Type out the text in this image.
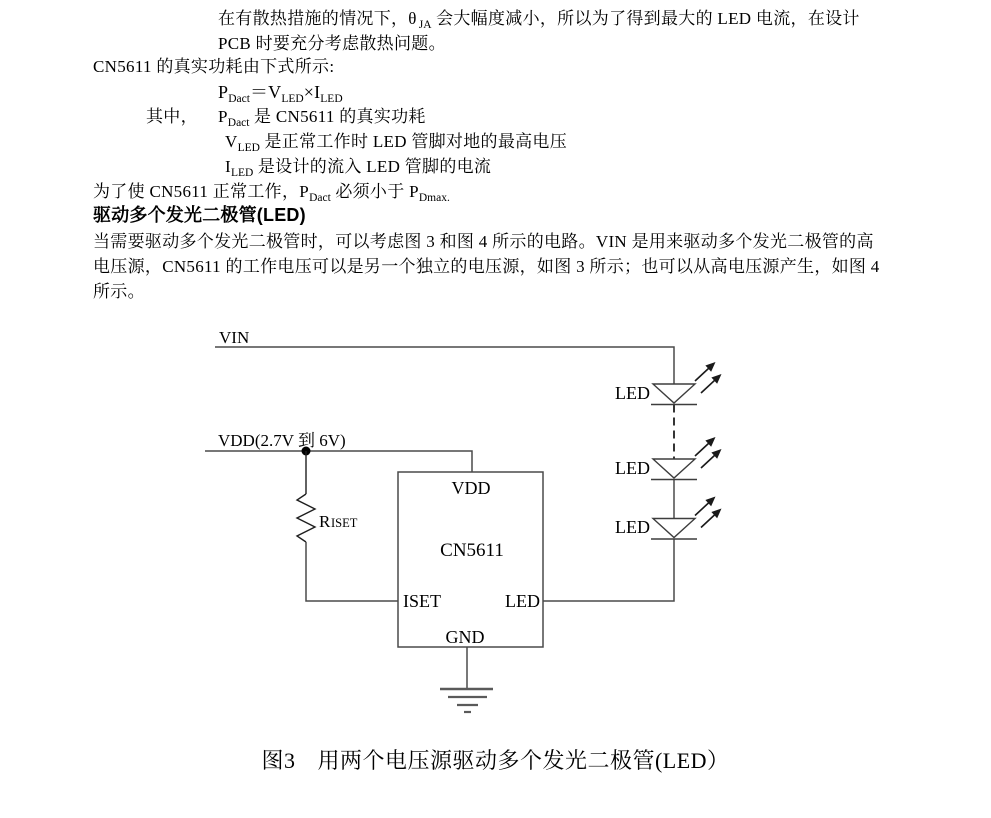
在有散热措施的情况下，θ $_{JA}$ 会大幅度减小，所以为了得到最大的 LED 电流，在设计
PCB 时要充分考虑散热问题。
CN5611 的真实功耗由下式所示:
$P_{Dact}=V_{LED}\times I_{LED}$
其中， $P_{Dact}$ 是 CN5611 的真实功耗
$V_{LED}$ 是正常工作时 LED 管脚对地的最高电压
$I_{LED}$ 是设计的流入 LED 管脚的电流
为了使 CN5611 正常工作，$P_{Dact}$ 必须小于 $P_{Dmax.}$
驱动多个发光二极管(LED)
当需要驱动多个发光二极管时，可以考虑图 3 和图 4 所示的电路。VIN 是用来驱动多个发光二极管的高
电压源，CN5611 的工作电压可以是另一个独立的电压源，如图 3 所示；也可以从高电压源产生，如图 4
所示。
VIN
VDD(2.7V 到 6V)
R ISET
VDD
CN5611
ISET	LED
GND
LED
LED
LED
图3 用两个电压源驱动多个发光二极管(LED）
